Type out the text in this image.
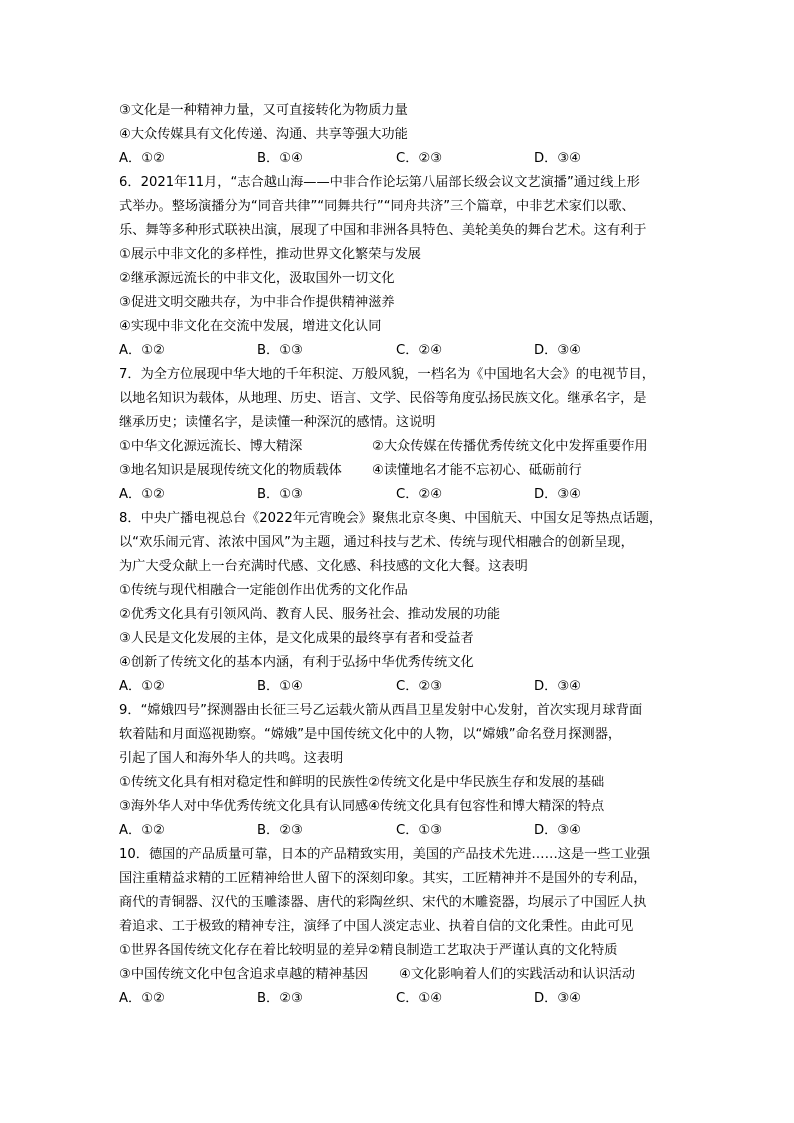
③文化是一种精神力量，又可直接转化为物质力量
④大众传媒具有文化传递、沟通、共享等强大功能
A．①②	B．①④	C．②③	D．③④
6．2021年11月，“志合越山海——中非合作论坛第八届部长级会议文艺演播”通过线上形
式举办。整场演播分为“同音共律”“同舞共行”“同舟共济”三个篇章，中非艺术家们以歌、
乐、舞等多种形式联袂出演，展现了中国和非洲各具特色、美轮美奂的舞台艺术。这有利于
①展示中非文化的多样性，推动世界文化繁荣与发展
②继承源远流长的中非文化，汲取国外一切文化
③促进文明交融共存，为中非合作提供精神滋养
④实现中非文化在交流中发展，增进文化认同
A．①②	B．①③	C．②④	D．③④
7．为全方位展现中华大地的千年积淀、万般风貌，一档名为《中国地名大会》的电视节目，
以地名知识为载体，从地理、历史、语言、文学、民俗等角度弘扬民族文化。继承名字，是
继承历史；读懂名字，是读懂一种深沉的感情。这说明
①中华文化源远流长、博大精深	②大众传媒在传播优秀传统文化中发挥重要作用
③地名知识是展现传统文化的物质载体 ④读懂地名才能不忘初心、砥砺前行
A．①②	B．①③	C．②④	D．③④
8．中央广播电视总台《2022年元宵晚会》聚焦北京冬奥、中国航天、中国女足等热点话题，
以“欢乐闹元宵、浓浓中国风”为主题，通过科技与艺术、传统与现代相融合的创新呈现，
为广大受众献上一台充满时代感、文化感、科技感的文化大餐。这表明
①传统与现代相融合一定能创作出优秀的文化作品
②优秀文化具有引领风尚、教育人民、服务社会、推动发展的功能
③人民是文化发展的主体，是文化成果的最终享有者和受益者
④创新了传统文化的基本内涵，有利于弘扬中华优秀传统文化
A．①②	B．①④	C．②③	D．③④
9．“嫦娥四号”探测器由长征三号乙运载火箭从西昌卫星发射中心发射，首次实现月球背面
软着陆和月面巡视勘察。“嫦娥”是中国传统文化中的人物，以“嫦娥”命名登月探测器，
引起了国人和海外华人的共鸣。这表明
①传统文化具有相对稳定性和鲜明的民族性②传统文化是中华民族生存和发展的基础
③海外华人对中华优秀传统文化具有认同感④传统文化具有包容性和博大精深的特点
A．①②	B．②③	C．①③	D．③④
10．德国的产品质量可靠，日本的产品精致实用，美国的产品技术先进……这是一些工业强
国注重精益求精的工匠精神给世人留下的深刻印象。其实，工匠精神并不是国外的专利品，
商代的青铜器、汉代的玉雕漆器、唐代的彩陶丝织、宋代的木雕瓷器，均展示了中国匠人执
着追求、工于极致的精神专注，演绎了中国人淡定志业、执着自信的文化秉性。由此可见
①世界各国传统文化存在着比较明显的差异②精良制造工艺取决于严谨认真的文化特质
③中国传统文化中包含追求卓越的精神基因 ④文化影响着人们的实践活动和认识活动
A．①②	B．②③	C．①④	D．③④
